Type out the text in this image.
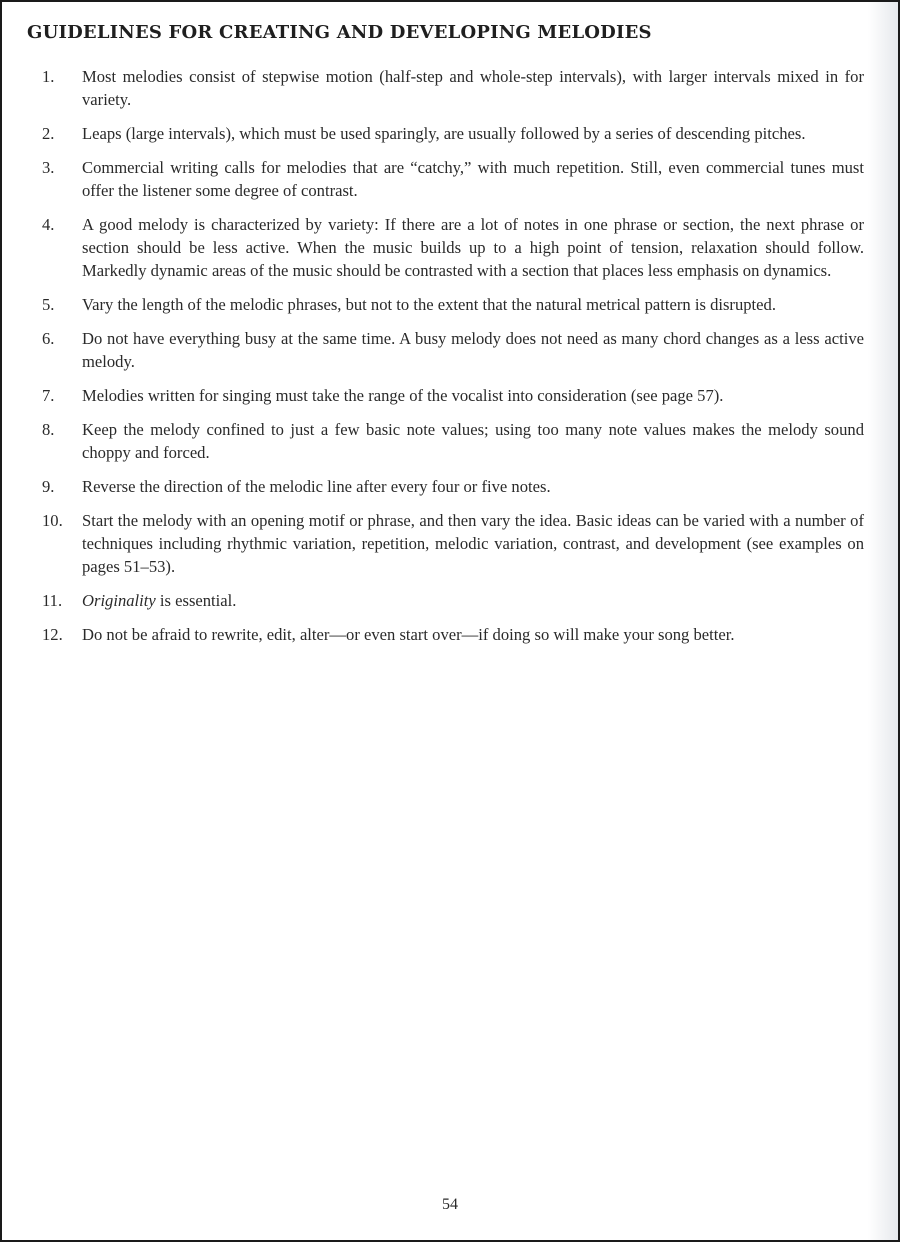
GUIDELINES FOR CREATING AND DEVELOPING MELODIES
1.	Most melodies consist of stepwise motion (half-step and whole-step intervals), with larger intervals mixed in for variety.
2.	Leaps (large intervals), which must be used sparingly, are usually followed by a series of descending pitches.
3.	Commercial writing calls for melodies that are “catchy,” with much repetition. Still, even commercial tunes must offer the listener some degree of contrast.
4.	A good melody is characterized by variety: If there are a lot of notes in one phrase or section, the next phrase or section should be less active. When the music builds up to a high point of tension, relaxation should follow. Markedly dynamic areas of the music should be contrasted with a section that places less emphasis on dynamics.
5.	Vary the length of the melodic phrases, but not to the extent that the natural metrical pattern is disrupted.
6.	Do not have everything busy at the same time. A busy melody does not need as many chord changes as a less active melody.
7.	Melodies written for singing must take the range of the vocalist into consideration (see page 57).
8.	Keep the melody confined to just a few basic note values; using too many note values makes the melody sound choppy and forced.
9.	Reverse the direction of the melodic line after every four or five notes.
10.	Start the melody with an opening motif or phrase, and then vary the idea. Basic ideas can be varied with a number of techniques including rhythmic variation, repetition, melodic variation, contrast, and development (see examples on pages 51–53).
11.	Originality is essential.
12.	Do not be afraid to rewrite, edit, alter—or even start over—if doing so will make your song better.
54
